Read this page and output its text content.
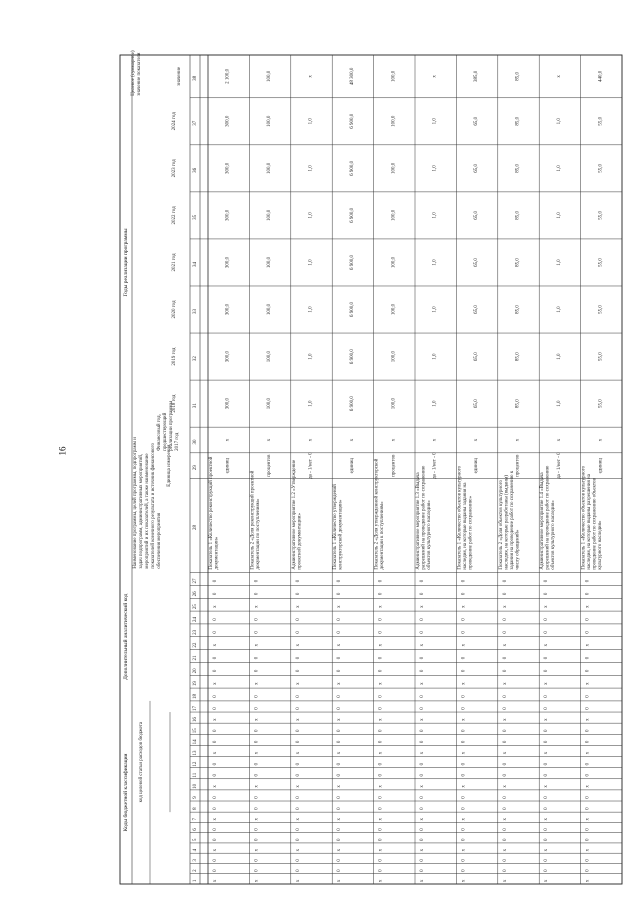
16
Коды бюджетной классификации
Дополнительный аналитический код
Годы реализации программы
код целевой статьи расходов бюджета
Наименование программы, целей программы, подпрограмм и задач подпрограмм, административных мероприятий, мероприятий и их показателей, а также наименование показателей конечного результата и источник финансового обеспечения мероприятия
Единица измерения
Финансовый год, предшествующий реализации программы 2017 год
2018 год
2019 год
2020 год
2021 год
2022 год
2023 год
2024 год
Целевое (суммарное) значение показателя	значение
1
2
3
4
5
6
7
8
9
10
11
12
13
14
15
16
17
18
19
20
21
22
23
24
25
26
27
28
29
30
31
32
33
34
35
36
37
38
х
0
0
х
0
0
х
0
0
х
0
0
х
0
0
х
0
0
х
0
0
х
0
0
х
0
0
Показатель 1 «Количество реконструкций проектной документации»
единиц
х
300,0
300,0
300,0
300,0
300,0
300,0
300,0
2 100,0
х
0
0
х
0
0
х
0
0
х
0
0
х
0
0
х
0
0
х
0
0
х
0
0
х
0
0
Показатель 2 «Доля реконструкций проектной документации по поступлениям»
процентов
х
100,0
100,0
100,0
100,0
100,0
100,0
100,0
100,0
х
0
0
х
0
0
х
0
0
х
0
0
х
0
0
х
0
0
х
0
0
х
0
0
х
0
0
Административное мероприятие 1.2 «Утверждение проектной документации»
да - 1/нет - 0
х
1,0
1,0
1,0
1,0
1,0
1,0
1,0
х
х
0
0
х
0
0
х
0
0
х
0
0
х
0
0
х
0
0
х
0
0
х
0
0
х
0
0
Показатель 1 «Количество утверждений конструкторской документации»
единиц
х
6 900,0
6 900,0
6 900,0
6 900,0
6 900,0
6 900,0
6 900,0
48 300,0
х
0
0
х
0
0
х
0
0
х
0
0
х
0
0
х
0
0
х
0
0
х
0
0
х
0
0
Показатель 2 «Доля утвержденной конструкторской документации к поступлениям»
процентов
х
100,0
100,0
100,0
100,0
100,0
100,0
100,0
100,0
х
0
0
х
0
0
х
0
0
х
0
0
х
0
0
х
0
0
х
0
0
х
0
0
х
0
0
Административное мероприятие 1.3 «Выдача разрешений на проведение работ по сохранению объектов культурного наследия»
да - 1/нет - 0
х
1,0
1,0
1,0
1,0
1,0
1,0
1,0
х
х
0
0
х
0
0
х
0
0
х
0
0
х
0
0
х
0
0
х
0
0
х
0
0
х
0
0
Показатель 1 «Количество объектов культурного наследия, на которые выданы задания на проведение работ по сохранению»
единиц
х
65,0
65,0
65,0
65,0
65,0
65,0
65,0
385,0
х
0
0
х
0
0
х
0
0
х
0
0
х
0
0
х
0
0
х
0
0
х
0
0
х
0
0
Показатель 2 «Доля объектов культурного наследия, на которые разработаны (выданы) задания на проведение работ по сохранению к числу обращений»
процентов
х
85,0
85,0
85,0
85,0
85,0
85,0
85,0
85,0
х
0
0
х
0
0
х
0
0
х
0
0
х
0
0
х
0
0
х
0
0
х
0
0
х
0
0
Административное мероприятие 1.4 «Выдача разрешений на проведение работ по сохранению объектов культурного наследия»
да - 1/нет - 0
х
1,0
1,0
1,0
1,0
1,0
1,0
1,0
х
х
0
0
х
0
0
х
0
0
х
0
0
х
0
0
х
0
0
х
0
0
х
0
0
х
0
0
Показатель 1 «Количество объектов культурного наследия, на которые выданы разрешения на проведение работ по сохранению объектов культурного наследия»
единиц
х
55,0
55,0
55,0
55,0
55,0
55,0
55,0
440,0
